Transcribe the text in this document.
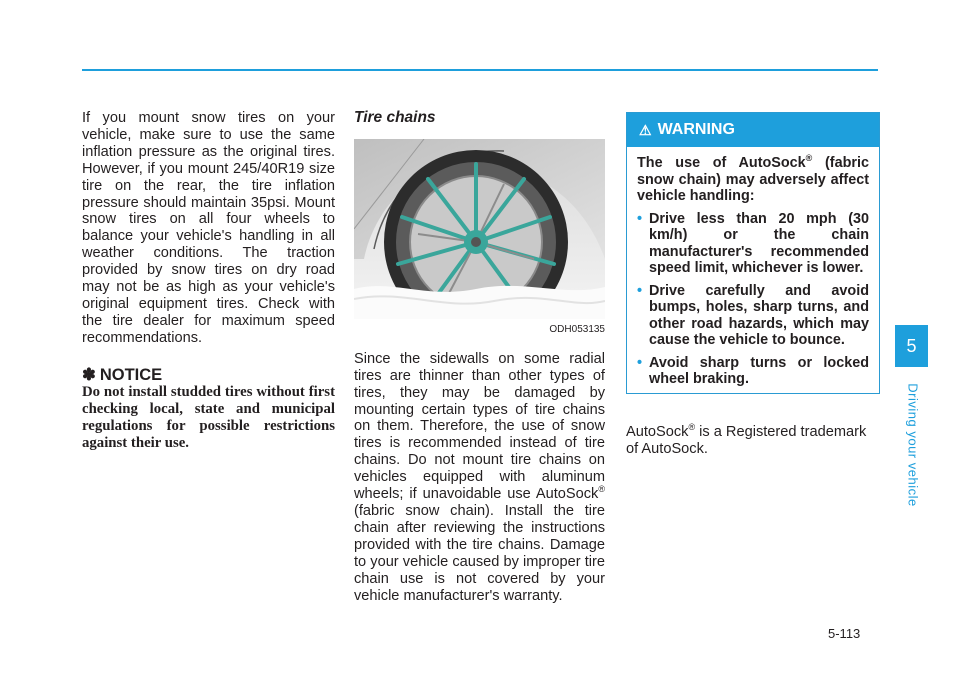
If you mount snow tires on your vehicle, make sure to use the same inflation pressure as the original tires. However, if you mount 245/40R19 size tire on the rear, the tire inflation pressure should maintain 35psi. Mount snow tires on all four wheels to balance your vehicle's handling in all weather conditions. The traction provided by snow tires on dry road may not be as high as your vehicle's original equipment tires. Check with the tire dealer for maximum speed recommendations.

✽ NOTICE

Do not install studded tires without first checking local, state and municipal regulations for possible restrictions against their use.

Tire chains

ODH053135

Since the sidewalls on some radial tires are thinner than other types of tires, they may be damaged by mounting certain types of tire chains on them. Therefore, the use of snow tires is recommended instead of tire chains. Do not mount tire chains on vehicles equipped with aluminum wheels; if unavoidable use AutoSock® (fabric snow chain). Install the tire chain after reviewing the instructions provided with the tire chains. Damage to your vehicle caused by improper tire chain use is not covered by your vehicle manufacturer's warranty.

⚠ WARNING
The use of AutoSock® (fabric snow chain) may adversely affect vehicle handling:
• Drive less than 20 mph (30 km/h) or the chain manufacturer's recommended speed limit, whichever is lower.
• Drive carefully and avoid bumps, holes, sharp turns, and other road hazards, which may cause the vehicle to bounce.
• Avoid sharp turns or locked wheel braking.

AutoSock® is a Registered trademark of AutoSock.

5
Driving your vehicle
5-113
